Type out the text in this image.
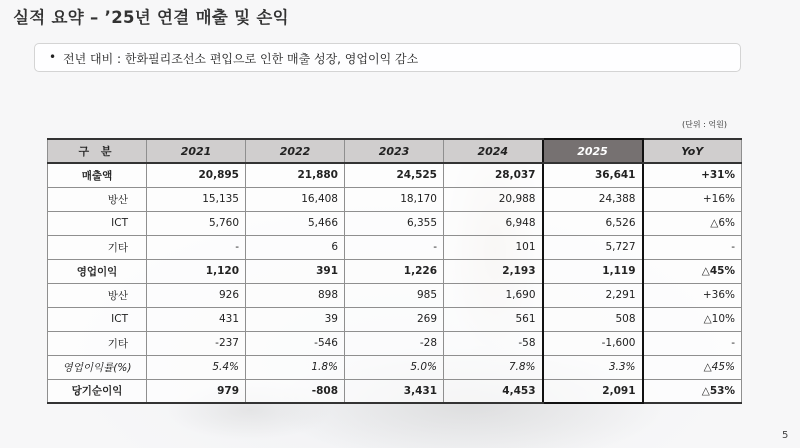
실적 요약 – ’25년 연결 매출 및 손익
• 전년 대비 : 한화필리조선소 편입으로 인한 매출 성장, 영업이익 감소
(단위 : 억원)
구 분	2021	2022	2023	2024	2025	YoY
매출액	20,895	21,880	24,525	28,037	36,641	+31%
방산	15,135	16,408	18,170	20,988	24,388	+16%
ICT	5,760	5,466	6,355	6,948	6,526	△6%
기타	-	6	-	101	5,727	-
영업이익	1,120	391	1,226	2,193	1,119	△45%
방산	926	898	985	1,690	2,291	+36%
ICT	431	39	269	561	508	△10%
기타	-237	-546	-28	-58	-1,600	-
영업이익률(%)	5.4%	1.8%	5.0%	7.8%	3.3%	△45%
당기순이익	979	-808	3,431	4,453	2,091	△53%
5
